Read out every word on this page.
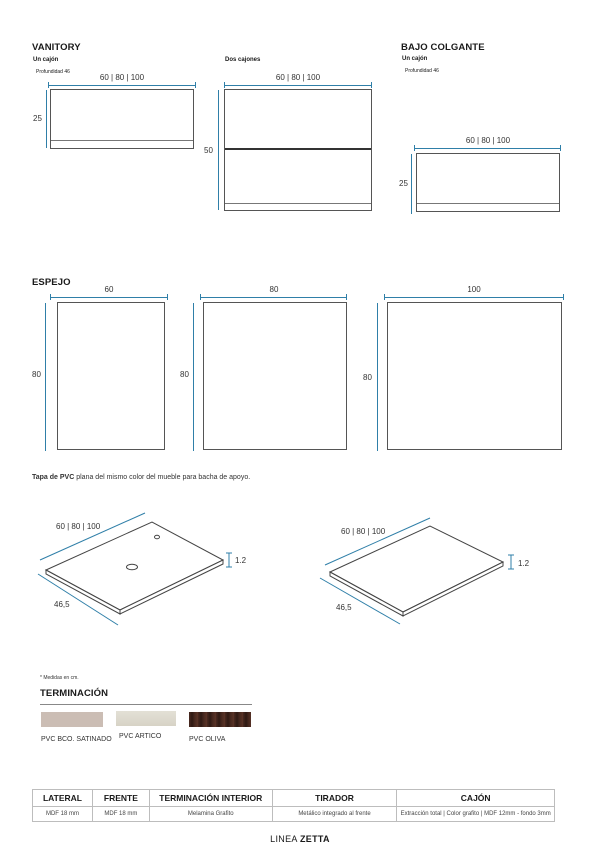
VANITORY
Un cajón
Profundidad 46
60 | 80 | 100
25
Dos cajones
60 | 80 | 100
50
BAJO COLGANTE
Un cajón
Profundidad 46
60 | 80 | 100
25
ESPEJO
60
80
80
80
100
80
Tapa de PVC plana del mismo color del mueble para bacha de apoyo.
60 | 80 | 100
1.2
46,5
60 | 80 | 100
1.2
46,5
* Medidas en cm.
TERMINACIÓN
PVC BCO. SATINADO PVC ARTICO	PVC OLIVA
LATERAL	FRENTE	TERMINACIÓN INTERIOR	TIRADOR	CAJÓN
MDF 18 mm	MDF 18 mm	Melamina Grafito	Metálico integrado al frente	Extracción total | Color grafito | MDF 12mm - fondo 3mm
LINEA ZETTA
